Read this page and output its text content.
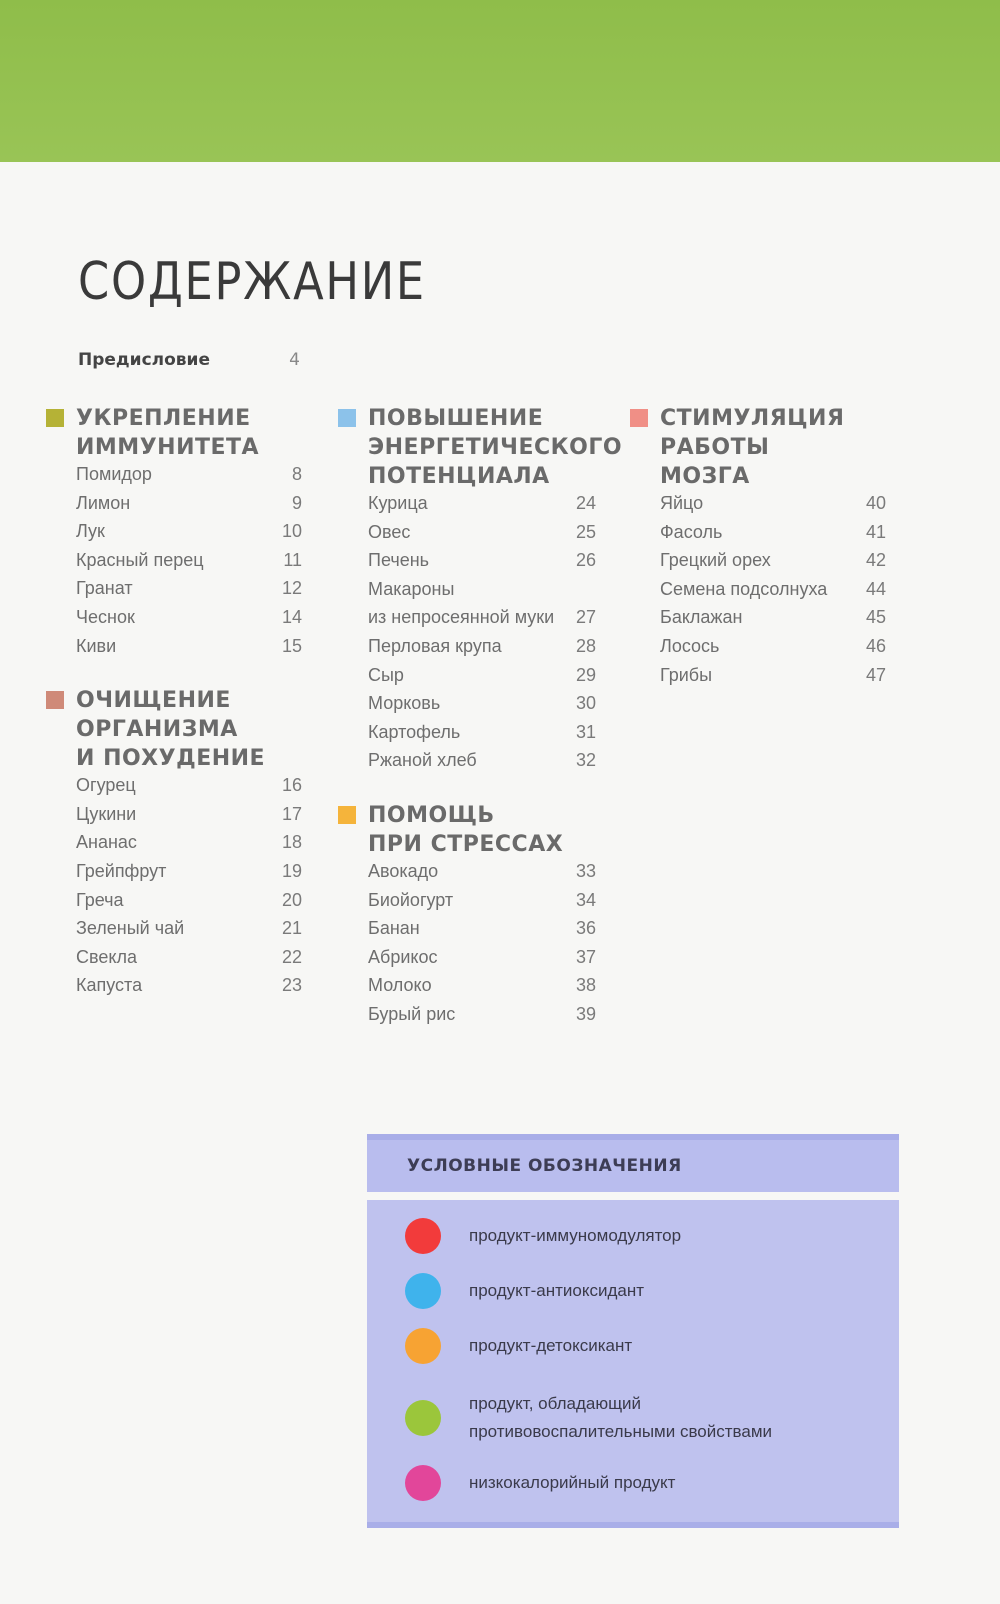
СОДЕРЖАНИЕ
Предисловие	4
УКРЕПЛЕНИЕ
ИММУНИТЕТА
Помидор	8
Лимон	9
Лук	10
Красный перец	11
Гранат	12
Чеснок	14
Киви	15
ОЧИЩЕНИЕ
ОРГАНИЗМА
И ПОХУДЕНИЕ
Огурец	16
Цукини	17
Ананас	18
Грейпфрут	19
Греча	20
Зеленый чай	21
Свекла	22
Капуста	23
ПОВЫШЕНИЕ
ЭНЕРГЕТИЧЕСКОГО
ПОТЕНЦИАЛА
Курица	24
Овес	25
Печень	26
Макароны
из непросеянной муки 27
Перловая крупа	28
Сыр	29
Морковь	30
Картофель	31
Ржаной хлеб	32
ПОМОЩЬ
ПРИ СТРЕССАХ
Авокадо	33
Биойогурт	34
Банан	36
Абрикос	37
Молоко	38
Бурый рис	39
СТИМУЛЯЦИЯ
РАБОТЫ
МОЗГА
Яйцо	40
Фасоль	41
Грецкий орех	42
Семена подсолнуха 44
Баклажан	45
Лосось	46
Грибы	47
УСЛОВНЫЕ ОБОЗНАЧЕНИЯ
продукт-иммуномодулятор
продукт-антиоксидант
продукт-детоксикант
продукт, обладающий
противовоспалительными свойствами
низкокалорийный продукт
